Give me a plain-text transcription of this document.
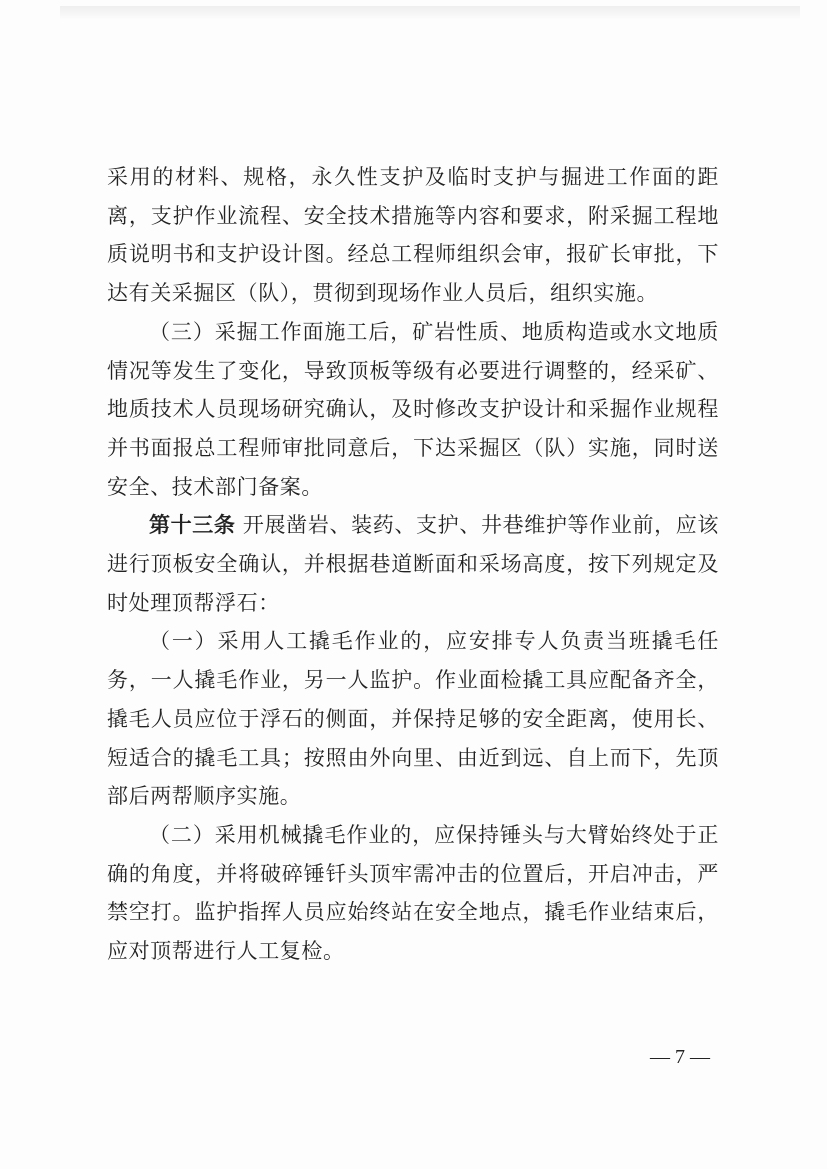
采用的材料、规格，永久性支护及临时支护与掘进工作面的距离，支护作业流程、安全技术措施等内容和要求，附采掘工程地质说明书和支护设计图。经总工程师组织会审，报矿长审批，下达有关采掘区（队），贯彻到现场作业人员后，组织实施。

（三）采掘工作面施工后，矿岩性质、地质构造或水文地质情况等发生了变化，导致顶板等级有必要进行调整的，经采矿、地质技术人员现场研究确认，及时修改支护设计和采掘作业规程并书面报总工程师审批同意后，下达采掘区（队）实施，同时送安全、技术部门备案。

第十三条 开展凿岩、装药、支护、井巷维护等作业前，应该进行顶板安全确认，并根据巷道断面和采场高度，按下列规定及时处理顶帮浮石：

（一）采用人工撬毛作业的，应安排专人负责当班撬毛任务，一人撬毛作业，另一人监护。作业面检撬工具应配备齐全，撬毛人员应位于浮石的侧面，并保持足够的安全距离，使用长、短适合的撬毛工具；按照由外向里、由近到远、自上而下，先顶部后两帮顺序实施。

（二）采用机械撬毛作业的，应保持锤头与大臂始终处于正确的角度，并将破碎锤钎头顶牢需冲击的位置后，开启冲击，严禁空打。监护指挥人员应始终站在安全地点，撬毛作业结束后，应对顶帮进行人工复检。

— 7 —
